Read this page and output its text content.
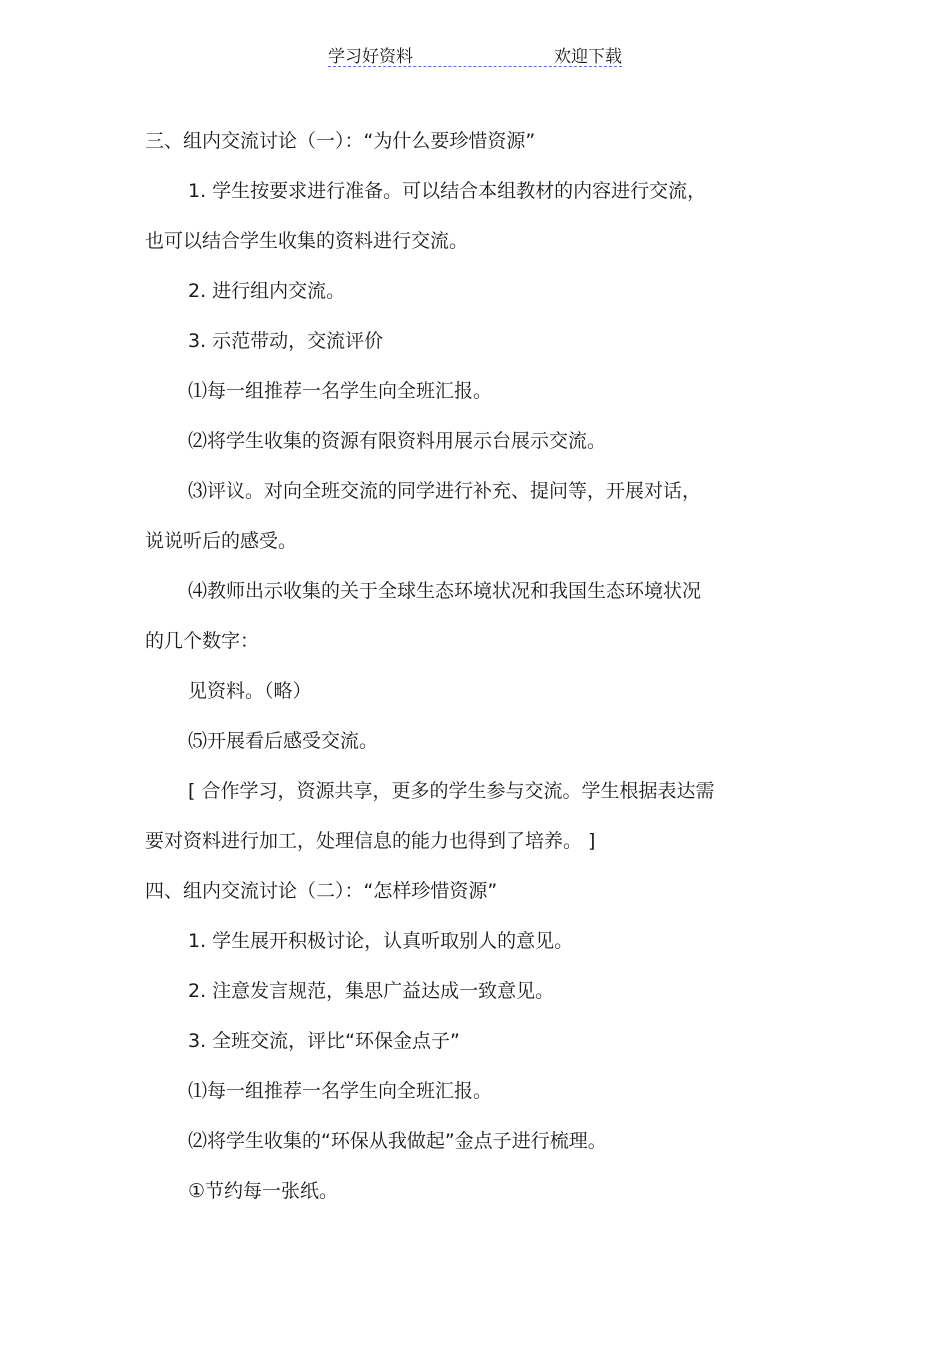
学习好资料	欢迎下载
三、组内交流讨论（一）：“为什么要珍惜资源”
1. 学生按要求进行准备。可以结合本组教材的内容进行交流，
也可以结合学生收集的资料进行交流。
2. 进行组内交流。
3. 示范带动，交流评价
⑴每一组推荐一名学生向全班汇报。
⑵将学生收集的资源有限资料用展示台展示交流。
⑶评议。对向全班交流的同学进行补充、提问等，开展对话，
说说听后的感受。
⑷教师出示收集的关于全球生态环境状况和我国生态环境状况
的几个数字：
见资料。（略）
⑸开展看后感受交流。
[ 合作学习，资源共享，更多的学生参与交流。学生根据表达需
要对资料进行加工，处理信息的能力也得到了培养。 ]
四、组内交流讨论（二）：“怎样珍惜资源”
1. 学生展开积极讨论，认真听取别人的意见。
2. 注意发言规范，集思广益达成一致意见。
3. 全班交流，评比“环保金点子”
⑴每一组推荐一名学生向全班汇报。
⑵将学生收集的“环保从我做起”金点子进行梳理。
①节约每一张纸。
